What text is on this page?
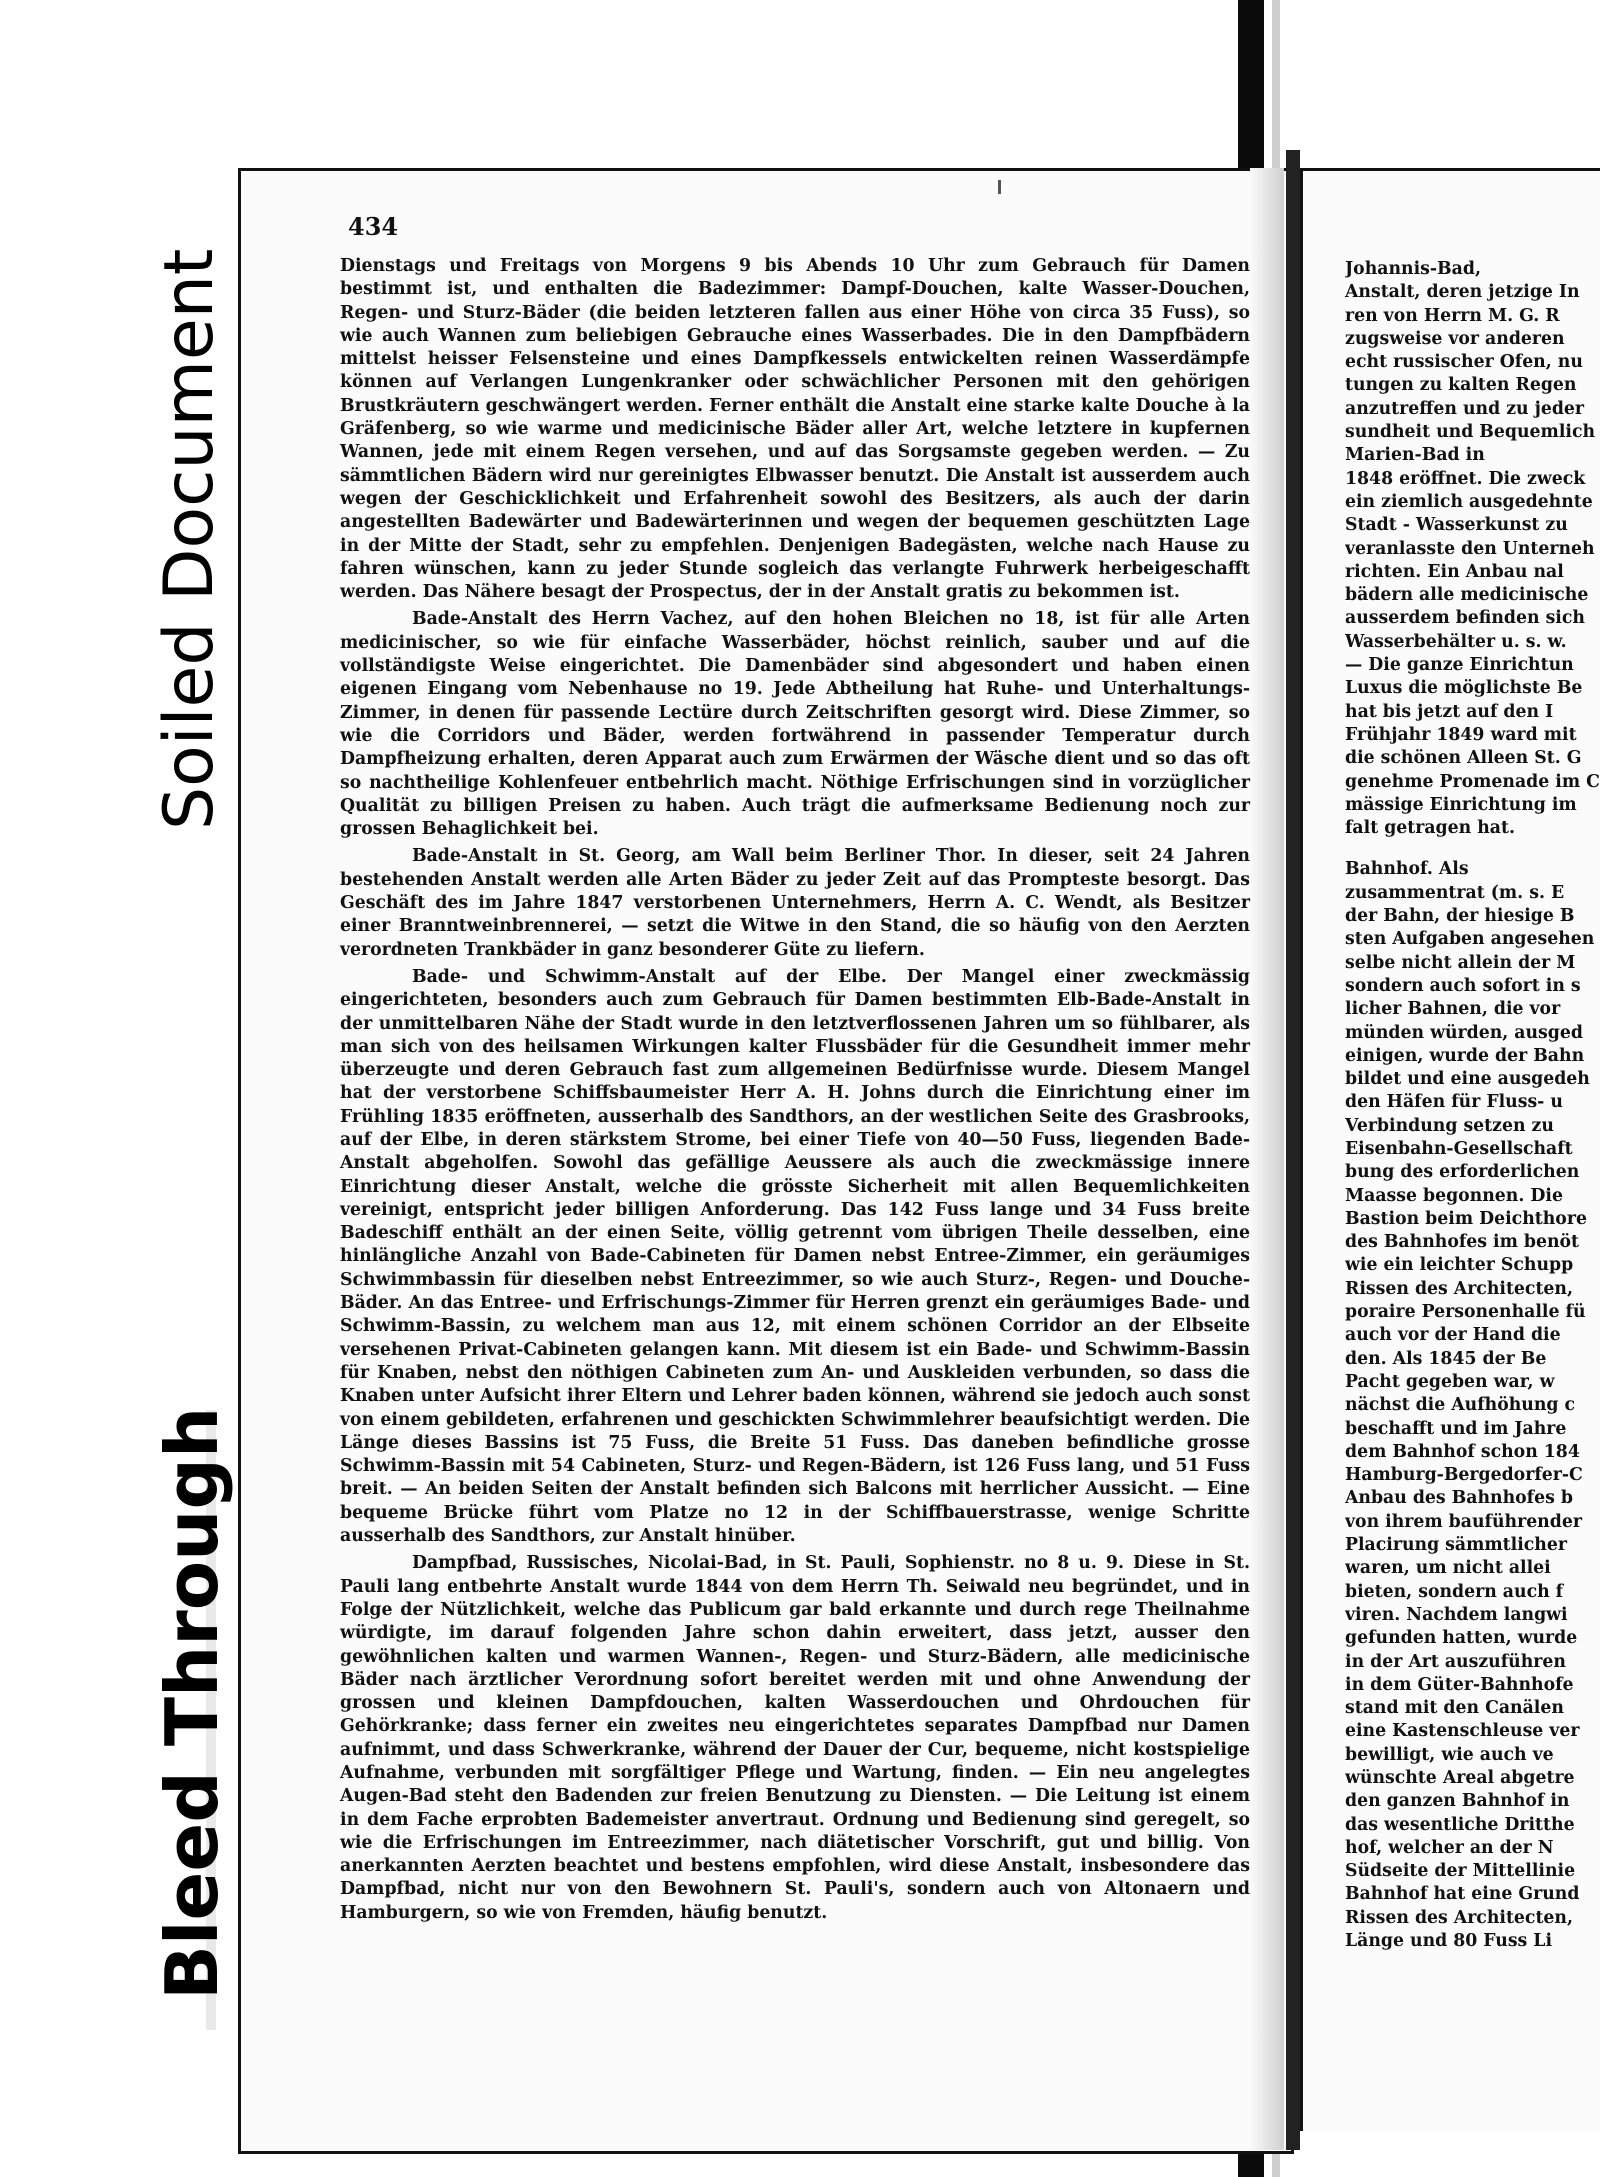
Soiled Document
Bleed Through
434

Dienstags und Freitags von Morgens 9 bis Abends 10 Uhr zum Gebrauch für Damen bestimmt ist, und enthalten die Badezimmer: Dampf-Douchen, kalte Wasser-Douchen, Regen- und Sturz-Bäder (die beiden letzteren fallen aus einer Höhe von circa 35 Fuss), so wie auch Wannen zum beliebigen Gebrauche eines Wasserbades. Die in den Dampfbädern mittelst heisser Felsensteine und eines Dampfkessels entwickelten reinen Wasserdämpfe können auf Verlangen Lungenkranker oder schwächlicher Personen mit den gehörigen Brustkräutern geschwängert werden. Ferner enthält die Anstalt eine starke kalte Douche à la Gräfenberg, so wie warme und medicinische Bäder aller Art, welche letztere in kupfernen Wannen, jede mit einem Regen versehen, und auf das Sorgsamste gegeben werden. — Zu sämmtlichen Bädern wird nur gereinigtes Elbwasser benutzt. Die Anstalt ist ausserdem auch wegen der Geschicklichkeit und Erfahrenheit sowohl des Besitzers, als auch der darin angestellten Badewärter und Badewärterinnen und wegen der bequemen geschützten Lage in der Mitte der Stadt, sehr zu empfehlen. Denjenigen Badegästen, welche nach Hause zu fahren wünschen, kann zu jeder Stunde sogleich das verlangte Fuhrwerk herbeigeschafft werden. Das Nähere besagt der Prospectus, der in der Anstalt gratis zu bekommen ist.

Bade-Anstalt des Herrn Vachez, auf den hohen Bleichen no 18, ist für alle Arten medicinischer, so wie für einfache Wasserbäder, höchst reinlich, sauber und auf die vollständigste Weise eingerichtet. Die Damenbäder sind abgesondert und haben einen eigenen Eingang vom Nebenhause no 19. Jede Abtheilung hat Ruhe- und Unterhaltungs-Zimmer, in denen für passende Lectüre durch Zeitschriften gesorgt wird. Diese Zimmer, so wie die Corridors und Bäder, werden fortwährend in passender Temperatur durch Dampfheizung erhalten, deren Apparat auch zum Erwärmen der Wäsche dient und so das oft so nachtheilige Kohlenfeuer entbehrlich macht. Nöthige Erfrischungen sind in vorzüglicher Qualität zu billigen Preisen zu haben. Auch trägt die aufmerksame Bedienung noch zur grossen Behaglichkeit bei.

Bade-Anstalt in St. Georg, am Wall beim Berliner Thor. In dieser, seit 24 Jahren bestehenden Anstalt werden alle Arten Bäder zu jeder Zeit auf das Prompteste besorgt. Das Geschäft des im Jahre 1847 verstorbenen Unternehmers, Herrn A. C. Wendt, als Besitzer einer Branntweinbrennerei, — setzt die Witwe in den Stand, die so häufig von den Aerzten verordneten Trankbäder in ganz besonderer Güte zu liefern.

Bade- und Schwimm-Anstalt auf der Elbe. Der Mangel einer zweckmässig eingerichteten, besonders auch zum Gebrauch für Damen bestimmten Elb-Bade-Anstalt in der unmittelbaren Nähe der Stadt wurde in den letztverflossenen Jahren um so fühlbarer, als man sich von des heilsamen Wirkungen kalter Flussbäder für die Gesundheit immer mehr überzeugte und deren Gebrauch fast zum allgemeinen Bedürfnisse wurde. Diesem Mangel hat der verstorbene Schiffsbaumeister Herr A. H. Johns durch die Einrichtung einer im Frühling 1835 eröffneten, ausserhalb des Sandthors, an der westlichen Seite des Grasbrooks, auf der Elbe, in deren stärkstem Strome, bei einer Tiefe von 40—50 Fuss, liegenden Bade-Anstalt abgeholfen. Sowohl das gefällige Aeussere als auch die zweckmässige innere Einrichtung dieser Anstalt, welche die grösste Sicherheit mit allen Bequemlichkeiten vereinigt, entspricht jeder billigen Anforderung. Das 142 Fuss lange und 34 Fuss breite Badeschiff enthält an der einen Seite, völlig getrennt vom übrigen Theile desselben, eine hinlängliche Anzahl von Bade-Cabineten für Damen nebst Entree-Zimmer, ein geräumiges Schwimmbassin für dieselben nebst Entreezimmer, so wie auch Sturz-, Regen- und Douche-Bäder. An das Entree- und Erfrischungs-Zimmer für Herren grenzt ein geräumiges Bade- und Schwimm-Bassin, zu welchem man aus 12, mit einem schönen Corridor an der Elbseite versehenen Privat-Cabineten gelangen kann. Mit diesem ist ein Bade- und Schwimm-Bassin für Knaben, nebst den nöthigen Cabineten zum An- und Auskleiden verbunden, so dass die Knaben unter Aufsicht ihrer Eltern und Lehrer baden können, während sie jedoch auch sonst von einem gebildeten, erfahrenen und geschickten Schwimmlehrer beaufsichtigt werden. Die Länge dieses Bassins ist 75 Fuss, die Breite 51 Fuss. Das daneben befindliche grosse Schwimm-Bassin mit 54 Cabineten, Sturz- und Regen-Bädern, ist 126 Fuss lang, und 51 Fuss breit. — An beiden Seiten der Anstalt befinden sich Balcons mit herrlicher Aussicht. — Eine bequeme Brücke führt vom Platze no 12 in der Schiffbauerstrasse, wenige Schritte ausserhalb des Sandthors, zur Anstalt hinüber.

Dampfbad, Russisches, Nicolai-Bad, in St. Pauli, Sophienstr. no 8 u. 9. Diese in St. Pauli lang entbehrte Anstalt wurde 1844 von dem Herrn Th. Seiwald neu begründet, und in Folge der Nützlichkeit, welche das Publicum gar bald erkannte und durch rege Theilnahme würdigte, im darauf folgenden Jahre schon dahin erweitert, dass jetzt, ausser den gewöhnlichen kalten und warmen Wannen-, Regen- und Sturz-Bädern, alle medicinische Bäder nach ärztlicher Verordnung sofort bereitet werden mit und ohne Anwendung der grossen und kleinen Dampfdouchen, kalten Wasserdouchen und Ohrdouchen für Gehörkranke; dass ferner ein zweites neu eingerichtetes separates Dampfbad nur Damen aufnimmt, und dass Schwerkranke, während der Dauer der Cur, bequeme, nicht kostspielige Aufnahme, verbunden mit sorgfältiger Pflege und Wartung, finden. — Ein neu angelegtes Augen-Bad steht den Badenden zur freien Benutzung zu Diensten. — Die Leitung ist einem in dem Fache erprobten Bademeister anvertraut. Ordnung und Bedienung sind geregelt, so wie die Erfrischungen im Entreezimmer, nach diätetischer Vorschrift, gut und billig. Von anerkannten Aerzten beachtet und bestens empfohlen, wird diese Anstalt, insbesondere das Dampfbad, nicht nur von den Bewohnern St. Pauli's, sondern auch von Altonaern und Hamburgern, so wie von Fremden, häufig benutzt.

Johannis-Bad,
Anstalt, deren jetzige In
ren von Herrn M. G. R
zugsweise vor anderen
echt russischer Ofen, nu
tungen zu kalten Regen
anzutreffen und zu jeder
sundheit und Bequemlich
Marien-Bad in
1848 eröffnet. Die zweck
ein ziemlich ausgedehnte
Stadt - Wasserkunst zu
veranlasste den Unterneh
richten. Ein Anbau nal
bädern alle medicinische
ausserdem befinden sich
Wasserbehälter u. s. w.
— Die ganze Einrichtun
Luxus die möglichste Be
hat bis jetzt auf den I
Frühjahr 1849 ward mit
die schönen Alleen St. G
genehme Promenade im C
mässige Einrichtung im
falt getragen hat.
Bahnhof. Als
zusammentrat (m. s. E
der Bahn, der hiesige B
sten Aufgaben angesehen
selbe nicht allein der M
sondern auch sofort in s
licher Bahnen, die vor
münden würden, ausged
einigen, wurde der Bahn
bildet und eine ausgedeh
den Häfen für Fluss- u
Verbindung setzen zu
Eisenbahn-Gesellschaft
bung des erforderlichen
Maasse begonnen. Die
Bastion beim Deichthore
des Bahnhofes im benöt
wie ein leichter Schupp
Rissen des Architecten,
poraire Personenhalle fü
auch vor der Hand die
den. Als 1845 der Be
Pacht gegeben war, w
nächst die Aufhöhung c
beschafft und im Jahre
dem Bahnhof schon 184
Hamburg-Bergedorfer-C
Anbau des Bahnhofes b
von ihrem bauführender
Placirung sämmtlicher
waren, um nicht allei
bieten, sondern auch f
viren. Nachdem langwi
gefunden hatten, wurde
in der Art auszuführen
in dem Güter-Bahnhofe
stand mit den Canälen
eine Kastenschleuse ver
bewilligt, wie auch ve
wünschte Areal abgetre
den ganzen Bahnhof in
das wesentliche Dritthe
hof, welcher an der N
Südseite der Mittellinie
Bahnhof hat eine Grund
Rissen des Architecten,
Länge und 80 Fuss Li
